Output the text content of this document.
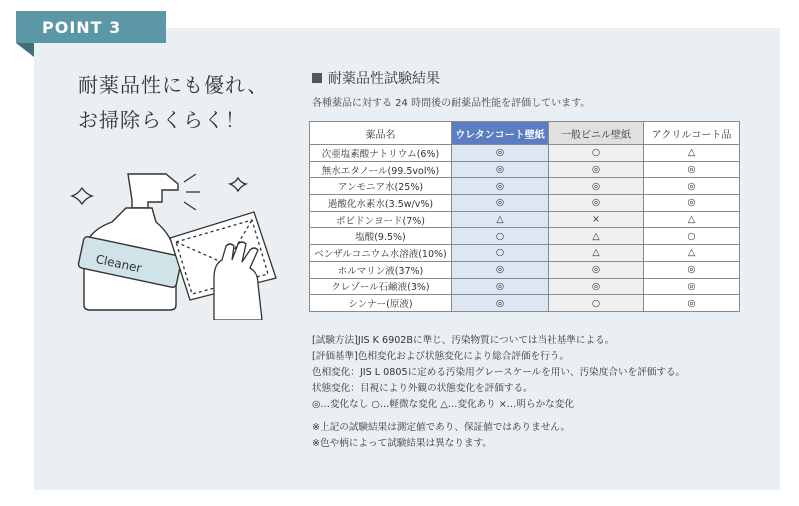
POINT 3
耐薬品性にも優れ、
お掃除らくらく！
Cleaner
耐薬品性試験結果
各種薬品に対する 24 時間後の耐薬品性能を評価しています。
薬品名	ウレタンコート壁紙	一般ビニル壁紙	アクリルコート品
次亜塩素酸ナトリウム(6%)	◎	○	△
無水エタノール(99.5vol%)	◎	◎	◎
アンモニア水(25%)	◎	◎	◎
過酸化水素水(3.5w/v%)	◎	◎	◎
ポビドンヨード(7%)	△	×	△
塩酸(9.5%)	○	△	○
ベンザルコニウム水溶液(10%)	○	△	△
ホルマリン液(37%)	◎	◎	◎
クレゾール石鹸液(3%)	◎	◎	◎
シンナー(原液)	◎	○	◎
[試験方法]JIS K 6902Bに準じ、汚染物質については当社基準による。
[評価基準]色相変化および状態変化により総合評価を行う。
色相変化：JIS L 0805に定める汚染用グレースケールを用い、汚染度合いを評価する。
状態変化：目視により外観の状態変化を評価する。
◎…変化なし ○…軽微な変化 △…変化あり ×…明らかな変化
※上記の試験結果は測定値であり、保証値ではありません。
※色や柄によって試験結果は異なります。
